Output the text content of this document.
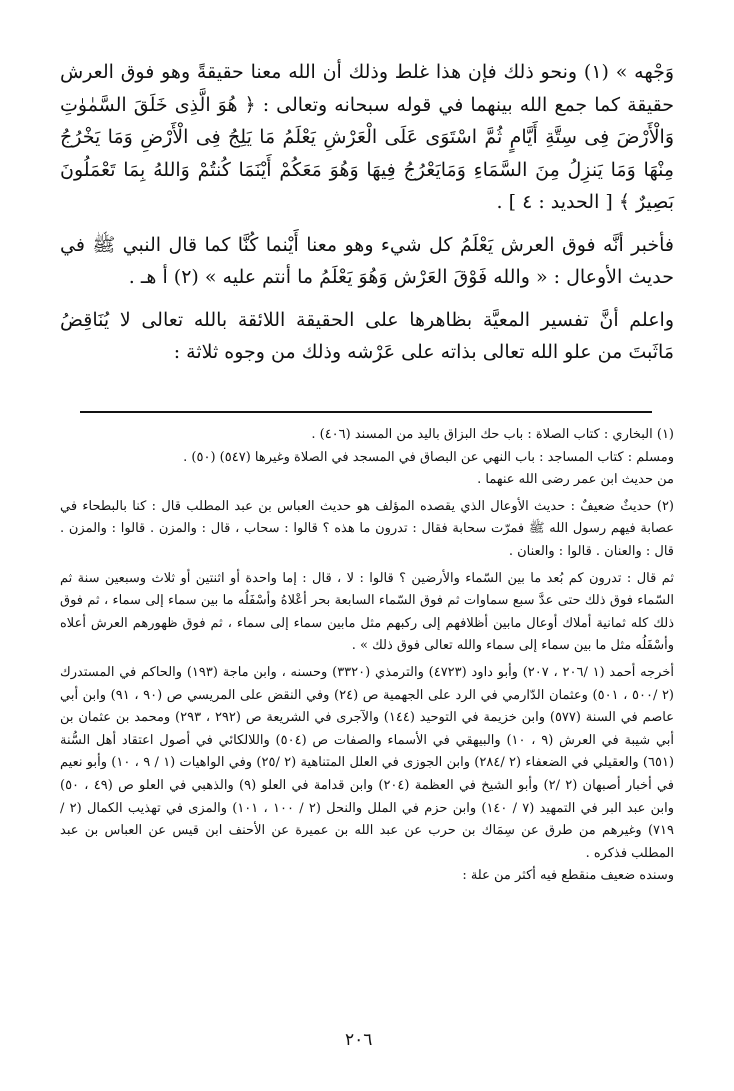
وَجْهه » (١) ونحو ذلك فإن هذا غلط وذلك أن الله معنا حقيقةً وهو فوق العرش حقيقة كما جمع الله بينهما في قوله سبحانه وتعالى : ﴿ هُوَ الَّذِى خَلَقَ السَّمٰوٰتِ وَالْأَرْضَ فِى سِتَّةِ أَيَّامٍ ثُمَّ اسْتَوَى عَلَى الْعَرْشِ يَعْلَمُ مَا يَلِجُ فِى الْأَرْضِ وَمَا يَخْرُجُ مِنْهَا وَمَا يَنزِلُ مِنَ السَّمَاءِ وَمَايَعْرُجُ فِيهَا وَهُوَ مَعَكُمْ أَيْنَمَا كُنتُمْ وَاللهُ بِمَا تَعْمَلُونَ بَصِيرٌ ﴾ [ الحديد : ٤ ] .

فأخبر أنَّه فوق العرش يَعْلَمُ كل شيء وهو معنا أَيْنما كُنَّا كما قال النبي ﷺ في حديث الأوعال : « والله فَوْقَ العَرْش وَهُوَ يَعْلَمُ ما أنتم عليه » (٢) أ هـ .

واعلم أنَّ تفسير المعيَّة بظاهرها على الحقيقة اللائقة بالله تعالى لا يُنَاقِضُ مَاثَبتَ من علو الله تعالى بذاته على عَرْشه وذلك من وجوه ثلاثة :

(١) البخاري : كتاب الصلاة : باب حك البزاق باليد من المسند (٤٠٦) .

ومسلم : كتاب المساجد : باب النهي عن البصاق في المسجد في الصلاة وغيرها (٥٤٧) (٥٠) .

من حديث ابن عمر رضى الله عنهما .

(٢) حديثٌ ضعيفٌ : حديث الأوعال الذي يقصده المؤلف هو حديث العباس بن عبد المطلب قال : كنا بالبطحاء في عصابة فيهم رسول الله ﷺ فمرّت سحابة فقال : تدرون ما هذه ؟ قالوا : سحاب ، قال : والمزن . قالوا : والمزن . قال : والعنان . قالوا : والعنان .

ثم قال : تدرون كم بُعد ما بين السّماء والأرضين ؟ قالوا : لا ، قال : إما واحدة أو اثنتين أو ثلاث وسبعين سنة ثم السّماء فوق ذلك حتى عدَّ سبع سماوات ثم فوق السّماء السابعة بحر أعْلاهُ وأسْفَلُه ما بين سماء إلى سماء ، ثم فوق ذلك كله ثمانية أملاك أوعال مابين أظلافهم إلى ركبهم مثل مابين سماء إلى سماء ، ثم فوق ظهورهم العرش أعلاه وأسْفَلُه مثل ما بين سماء إلى سماء والله تعالى فوق ذلك » .

أخرجه أحمد (١ /٢٠٦ ، ٢٠٧) وأبو داود (٤٧٢٣) والترمذي (٣٣٢٠) وحسنه ، وابن ماجة (١٩٣) والحاكم في المستدرك (٢ /٥٠٠ ، ٥٠١) وعثمان الدّارمي في الرد على الجهمية ص (٢٤) وفي النقض على المريسي ص (٩٠ ، ٩١) وابن أبي عاصم في السنة (٥٧٧) وابن خزيمة في التوحيد (١٤٤) والآجرى في الشريعة ص (٢٩٢ ، ٢٩٣) ومحمد بن عثمان بن أبي شيبة في العرش (٩ ، ١٠) والبيهقي في الأسماء والصفات ص (٥٠٤) واللالكائي في أصول اعتقاد أهل السُّنة (٦٥١) والعقيلي في الضعفاء (٢ /٢٨٤) وابن الجوزى في العلل المتناهية (٢ /٢٥) وفي الواهيات (١ / ٩ ، ١٠) وأبو نعيم في أخبار أصبهان (٢ /٢) وأبو الشيخ في العظمة (٢٠٤) وابن قدامة في العلو (٩) والذهبي في العلو ص (٤٩ ، ٥٠) وابن عبد البر في التمهيد (٧ / ١٤٠) وابن حزم في الملل والنحل (٢ / ١٠٠ ، ١٠١) والمزى في تهذيب الكمال (٢ / ٧١٩) وغيرهم من طرق عن سِمَاك بن حرب عن عبد الله بن عميرة عن الأحنف ابن قيس عن العباس بن عبد المطلب فذكره .

وسنده ضعيف منقطع فيه أكثر من علة :

٢٠٦
